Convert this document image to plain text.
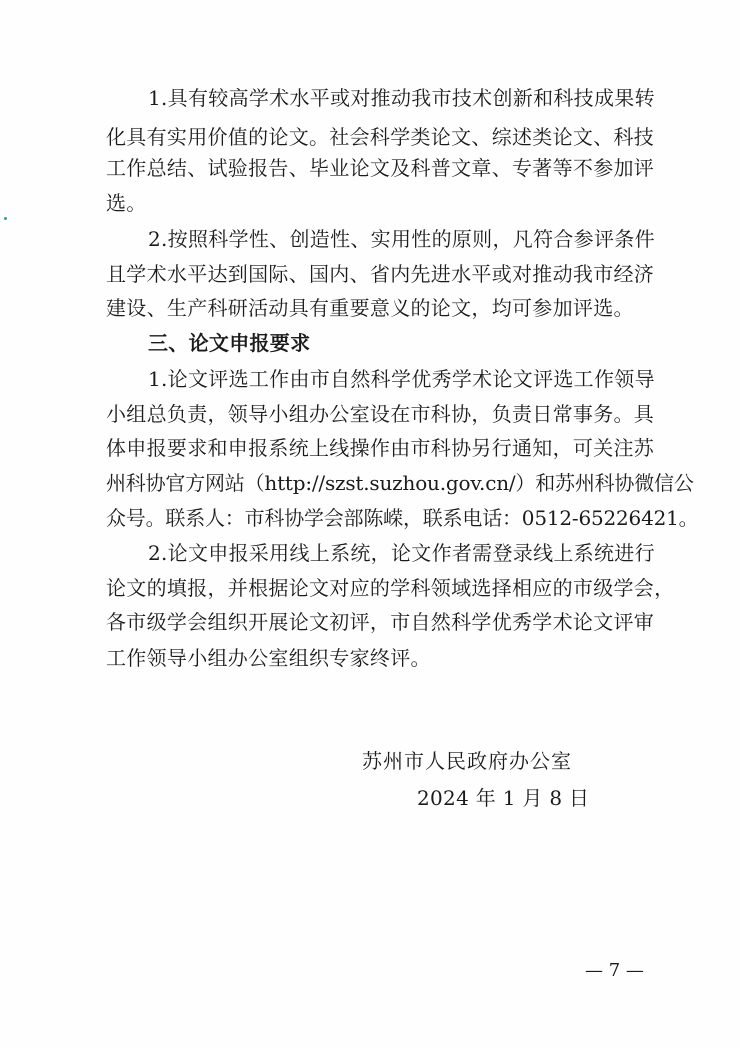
1.具有较高学术水平或对推动我市技术创新和科技成果转
化具有实用价值的论文。社会科学类论文、综述类论文、科技
工作总结、试验报告、毕业论文及科普文章、专著等不参加评
选。
2.按照科学性、创造性、实用性的原则，凡符合参评条件
且学术水平达到国际、国内、省内先进水平或对推动我市经济
建设、生产科研活动具有重要意义的论文，均可参加评选。
三、论文申报要求
1.论文评选工作由市自然科学优秀学术论文评选工作领导
小组总负责，领导小组办公室设在市科协，负责日常事务。具
体申报要求和申报系统上线操作由市科协另行通知，可关注苏
州科协官方网站（http://szst.suzhou.gov.cn/）和苏州科协微信公
众号。联系人：市科协学会部陈嵘，联系电话：0512-65226421。
2.论文申报采用线上系统，论文作者需登录线上系统进行
论文的填报，并根据论文对应的学科领域选择相应的市级学会，
各市级学会组织开展论文初评，市自然科学优秀学术论文评审
工作领导小组办公室组织专家终评。
苏州市人民政府办公室
2024 年 1 月 8 日
— 7 —
